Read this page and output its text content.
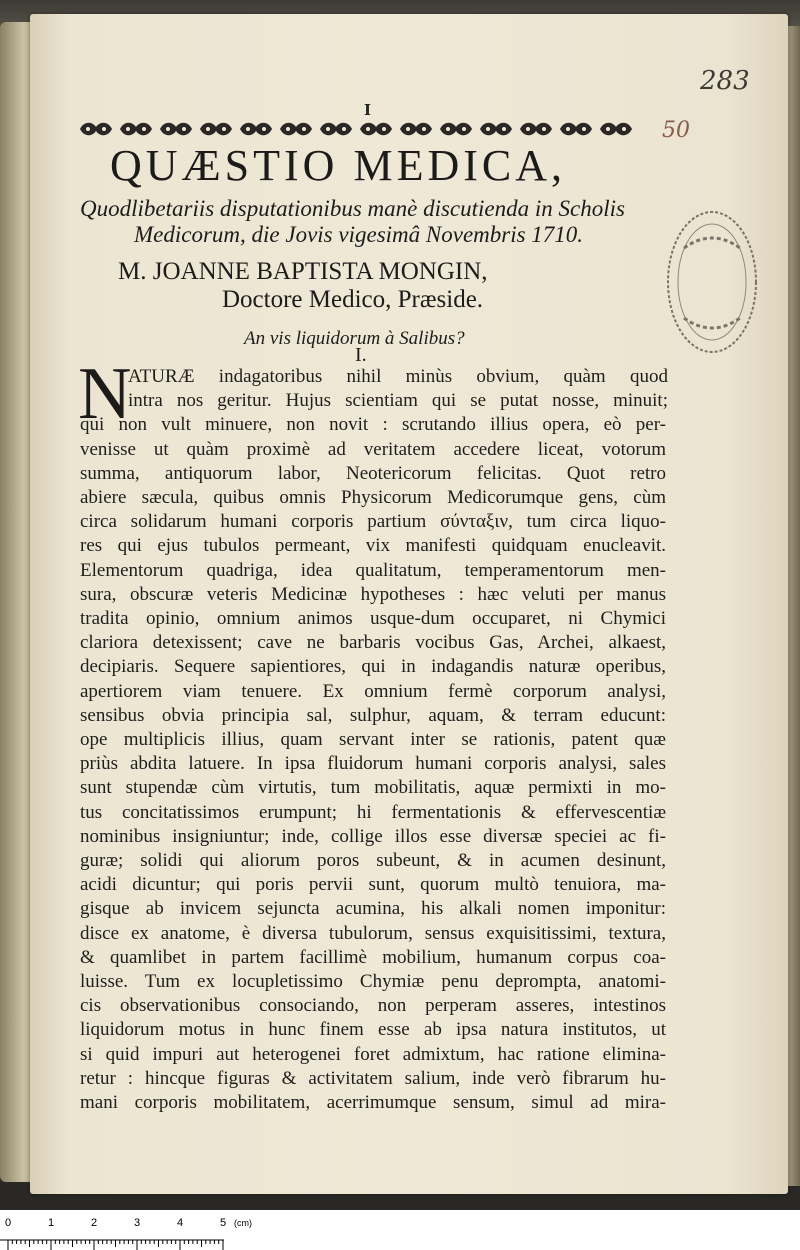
283
50
I
QUÆSTIO MEDICA,
Quodlibetariis disputationibus manè discutienda in Scholis
Medicorum, die Jovis vigesimâ Novembris 1710.
M. JOANNE BAPTISTA MONGIN,
Doctore Medico, Præside.
An vis liquidorum à Salibus?
I.
N
ATURÆ indagatoribus nihil minùs obvium, quàm quod
intra nos geritur. Hujus scientiam qui se putat nosse, minuit;
qui non vult minuere, non novit : scrutando illius opera, eò per-
venisse ut quàm proximè ad veritatem accedere liceat, votorum
summa, antiquorum labor, Neotericorum felicitas. Quot retro
abiere sæcula, quibus omnis Physicorum Medicorumque gens, cùm
circa solidarum humani corporis partium σύνταξιν, tum circa liquo-
res qui ejus tubulos permeant, vix manifesti quidquam enucleavit.
Elementorum quadriga, idea qualitatum, temperamentorum men-
sura, obscuræ veteris Medicinæ hypotheses : hæc veluti per manus
tradita opinio, omnium animos usque-dum occuparet, ni Chymici
clariora detexissent; cave ne barbaris vocibus Gas, Archei, alkaest,
decipiaris. Sequere sapientiores, qui in indagandis naturæ operibus,
apertiorem viam tenuere. Ex omnium fermè corporum analysi,
sensibus obvia principia sal, sulphur, aquam, & terram educunt:
ope multiplicis illius, quam servant inter se rationis, patent quæ
priùs abdita latuere. In ipsa fluidorum humani corporis analysi, sales
sunt stupendæ cùm virtutis, tum mobilitatis, aquæ permixti in mo-
tus concitatissimos erumpunt; hi fermentationis & effervescentiæ
nominibus insigniuntur; inde, collige illos esse diversæ speciei ac fi-
guræ; solidi qui aliorum poros subeunt, & in acumen desinunt,
acidi dicuntur; qui poris pervii sunt, quorum multò tenuiora, ma-
gisque ab invicem sejuncta acumina, his alkali nomen imponitur:
disce ex anatome, è diversa tubulorum, sensus exquisitissimi, textura,
& quamlibet in partem facillimè mobilium, humanum corpus coa-
luisse. Tum ex locupletissimo Chymiæ penu deprompta, anatomi-
cis observationibus consociando, non perperam asseres, intestinos
liquidorum motus in hunc finem esse ab ipsa natura institutos, ut
si quid impuri aut heterogenei foret admixtum, hac ratione elimina-
retur : hincque figuras & activitatem salium, inde verò fibrarum hu-
mani corporis mobilitatem, acerrimumque sensum, simul ad mira-
0	1	2	3	4	5 (cm)
